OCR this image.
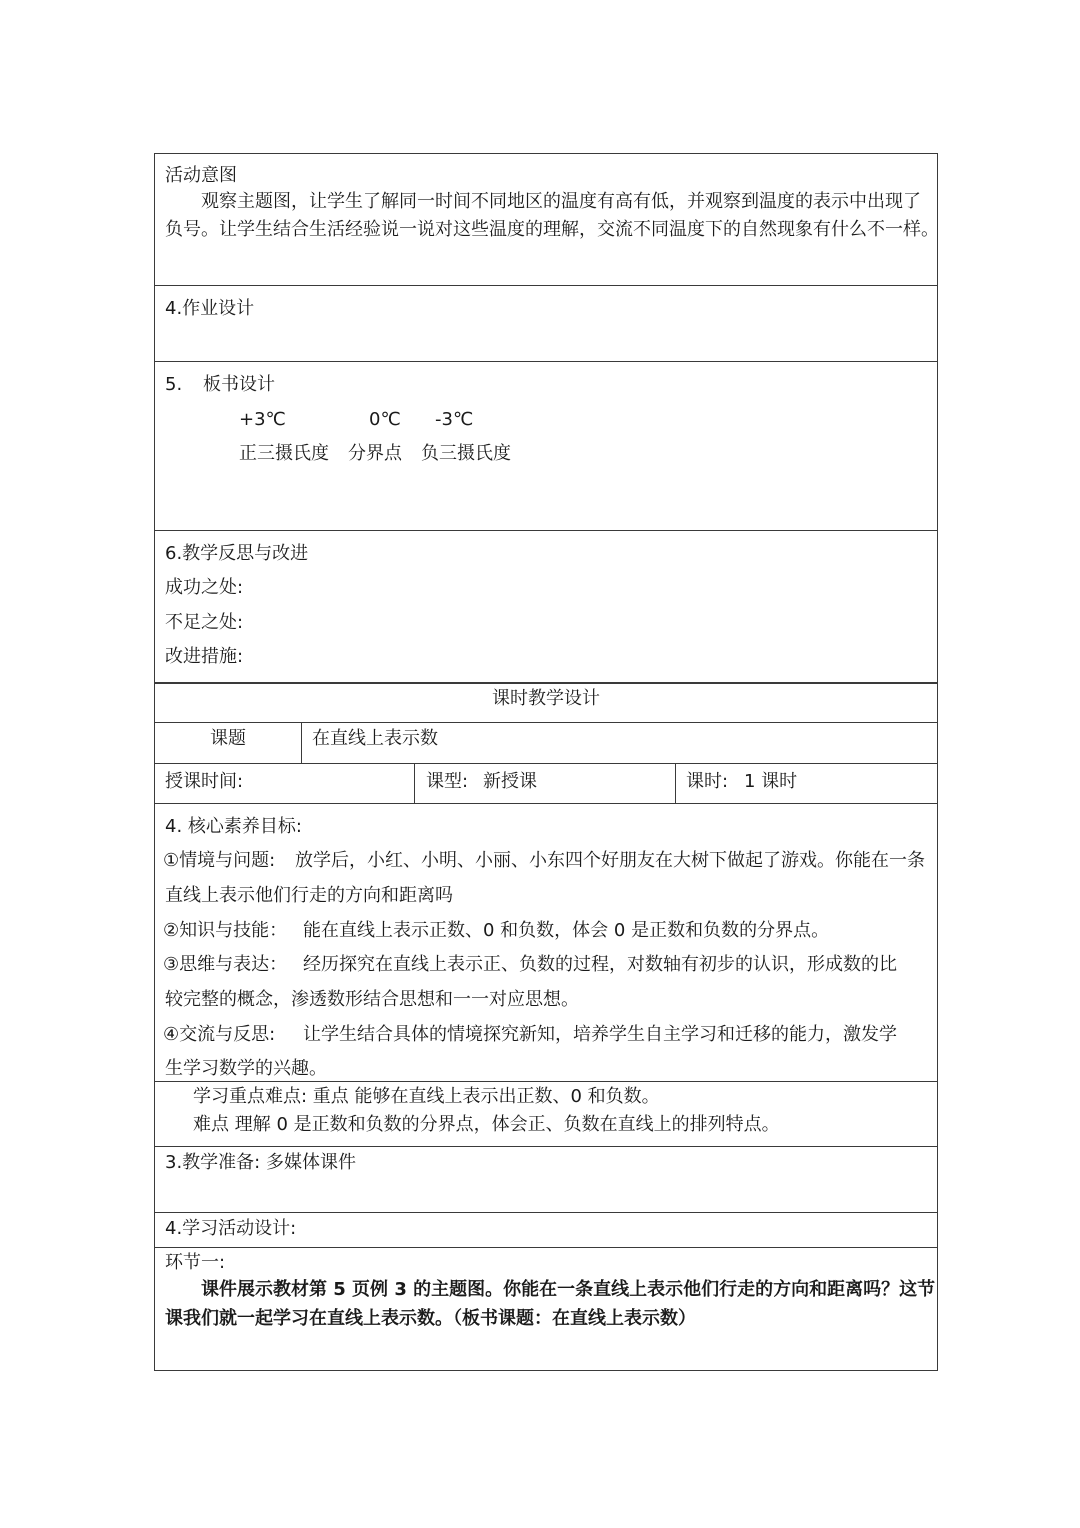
活动意图
观察主题图，让学生了解同一时间不同地区的温度有高有低，并观察到温度的表示中出现了
负号。让学生结合生活经验说一说对这些温度的理解，交流不同温度下的自然现象有什么不一样。
4.作业设计
5. 板书设计
+3℃	0℃ -3℃
正三摄氏度 分界点 负三摄氏度
6.教学反思与改进
成功之处:
不足之处:
改进措施:
课时教学设计
课题	在直线上表示数
授课时间:	课型: 新授课	课时: 1 课时
4. 核心素养目标:
①情境与问题: 放学后，小红、小明、小丽、小东四个好朋友在大树下做起了游戏。你能在一条
直线上表示他们行走的方向和距离吗
②知识与技能： 能在直线上表示正数、0 和负数，体会 0 是正数和负数的分界点。
③思维与表达： 经历探究在直线上表示正、负数的过程，对数轴有初步的认识，形成数的比
较完整的概念，渗透数形结合思想和一一对应思想。
④交流与反思: 让学生结合具体的情境探究新知，培养学生自主学习和迁移的能力，激发学
生学习数学的兴趣。
学习重点难点: 重点 能够在直线上表示出正数、0 和负数。
难点 理解 0 是正数和负数的分界点，体会正、负数在直线上的排列特点。
3.教学准备: 多媒体课件
4.学习活动设计:
环节一:
课件展示教材第 5 页例 3 的主题图。你能在一条直线上表示他们行走的方向和距离吗？这节
课我们就一起学习在直线上表示数。（板书课题：在直线上表示数）
